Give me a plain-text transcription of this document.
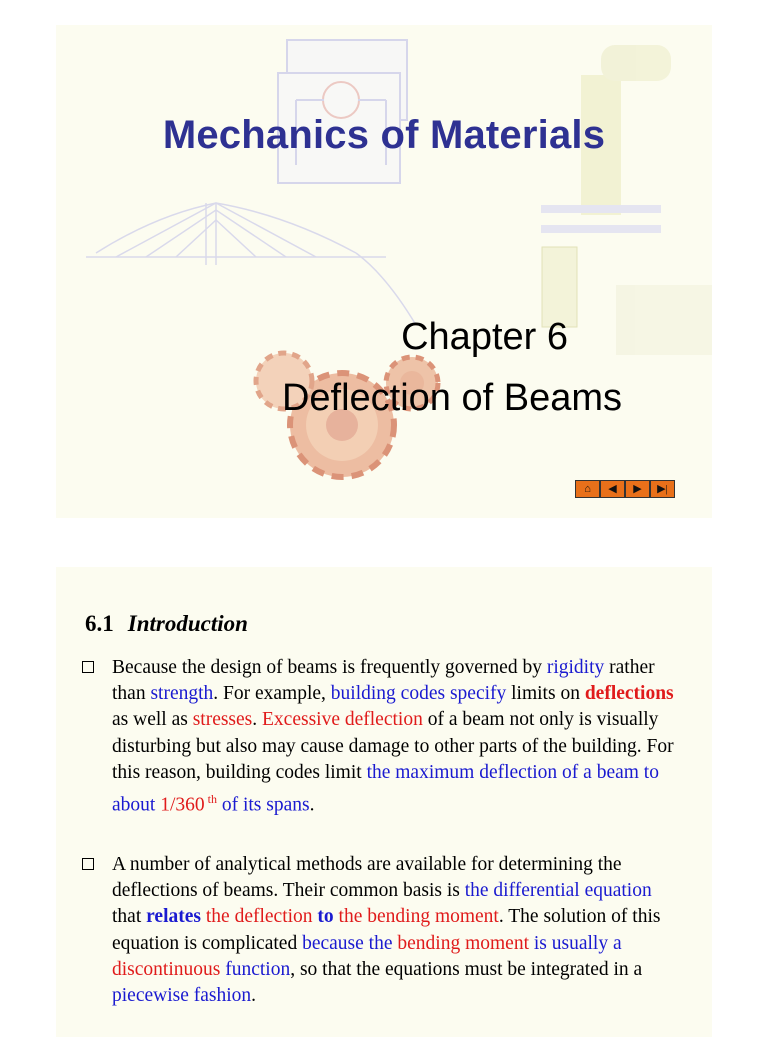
Mechanics of Materials
Chapter 6
Deflection of Beams
⌂ ◀ ▶ ▶|
6.1 Introduction
Because the design of beams is frequently governed by rigidity rather than strength. For example, building codes specify limits on deflections as well as stresses. Excessive deflection of a beam not only is visually disturbing but also may cause damage to other parts of the building. For this reason, building codes limit the maximum deflection of a beam to about 1/360 $^{th}$ of its spans.
A number of analytical methods are available for determining the deflections of beams. Their common basis is the differential equation that relates the deflection to the bending moment. The solution of this equation is complicated because the bending moment is usually a discontinuous function, so that the equations must be integrated in a piecewise fashion.
